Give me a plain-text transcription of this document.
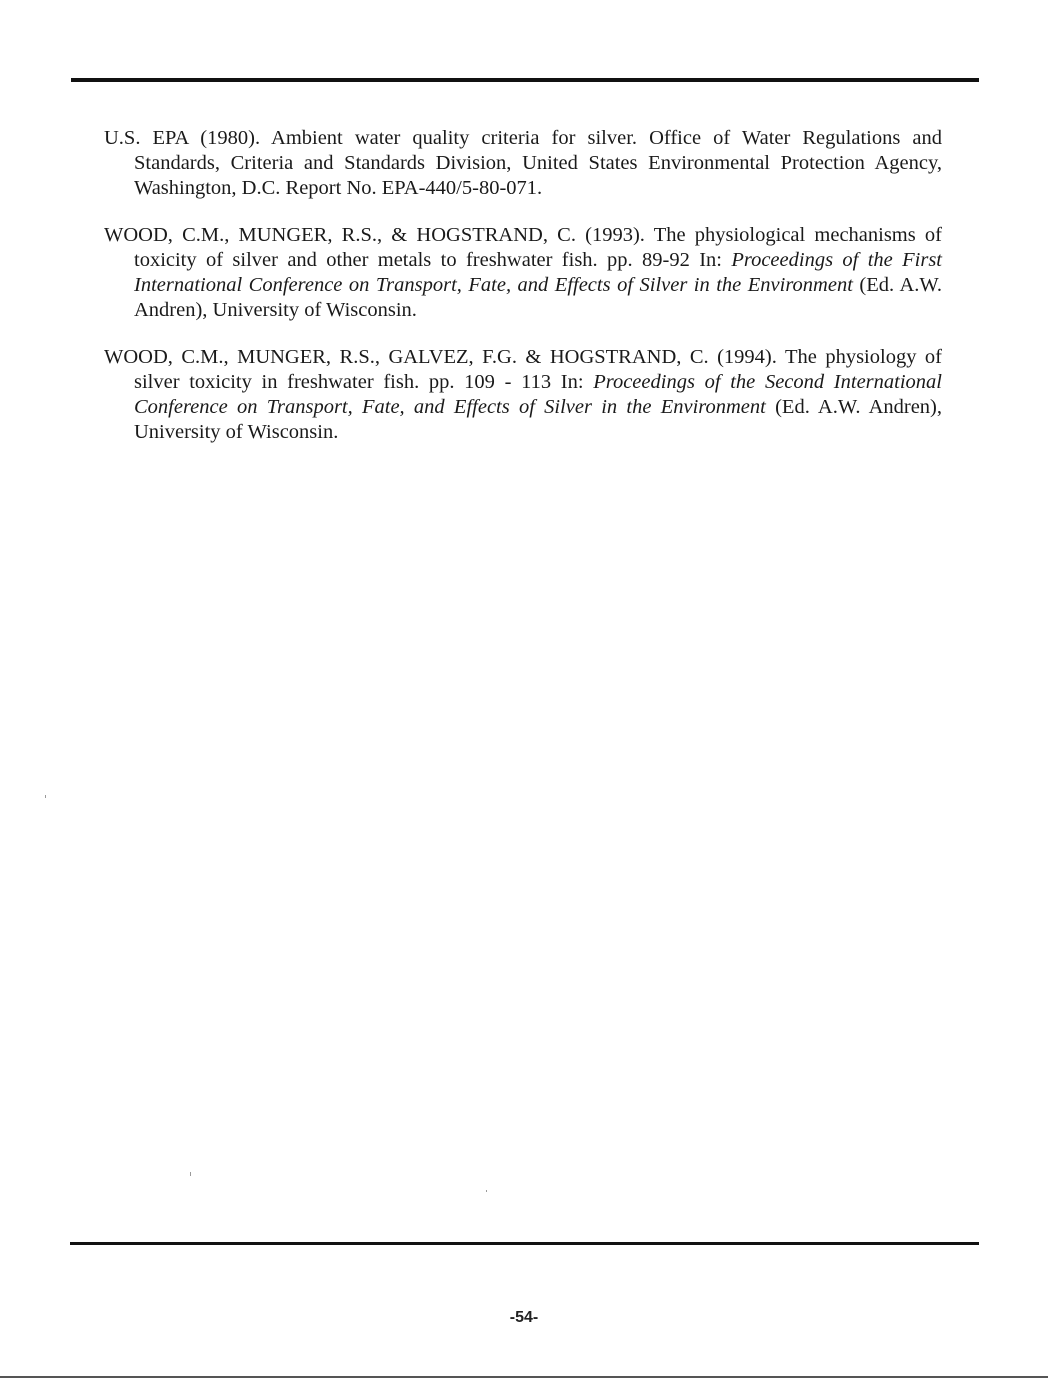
U.S. EPA (1980). Ambient water quality criteria for silver. Office of Water Regulations and Standards, Criteria and Standards Division, United States Environmental Protection Agency, Washington, D.C. Report No. EPA-440/5-80-071.

WOOD, C.M., MUNGER, R.S., & HOGSTRAND, C. (1993). The physiological mechanisms of toxicity of silver and other metals to freshwater fish. pp. 89-92 In: Proceedings of the First International Conference on Transport, Fate, and Effects of Silver in the Environment (Ed. A.W. Andren), University of Wisconsin.

WOOD, C.M., MUNGER, R.S., GALVEZ, F.G. & HOGSTRAND, C. (1994). The physiology of silver toxicity in freshwater fish. pp. 109 - 113 In: Proceedings of the Second International Conference on Transport, Fate, and Effects of Silver in the Environment (Ed. A.W. Andren), University of Wisconsin.

-54-
